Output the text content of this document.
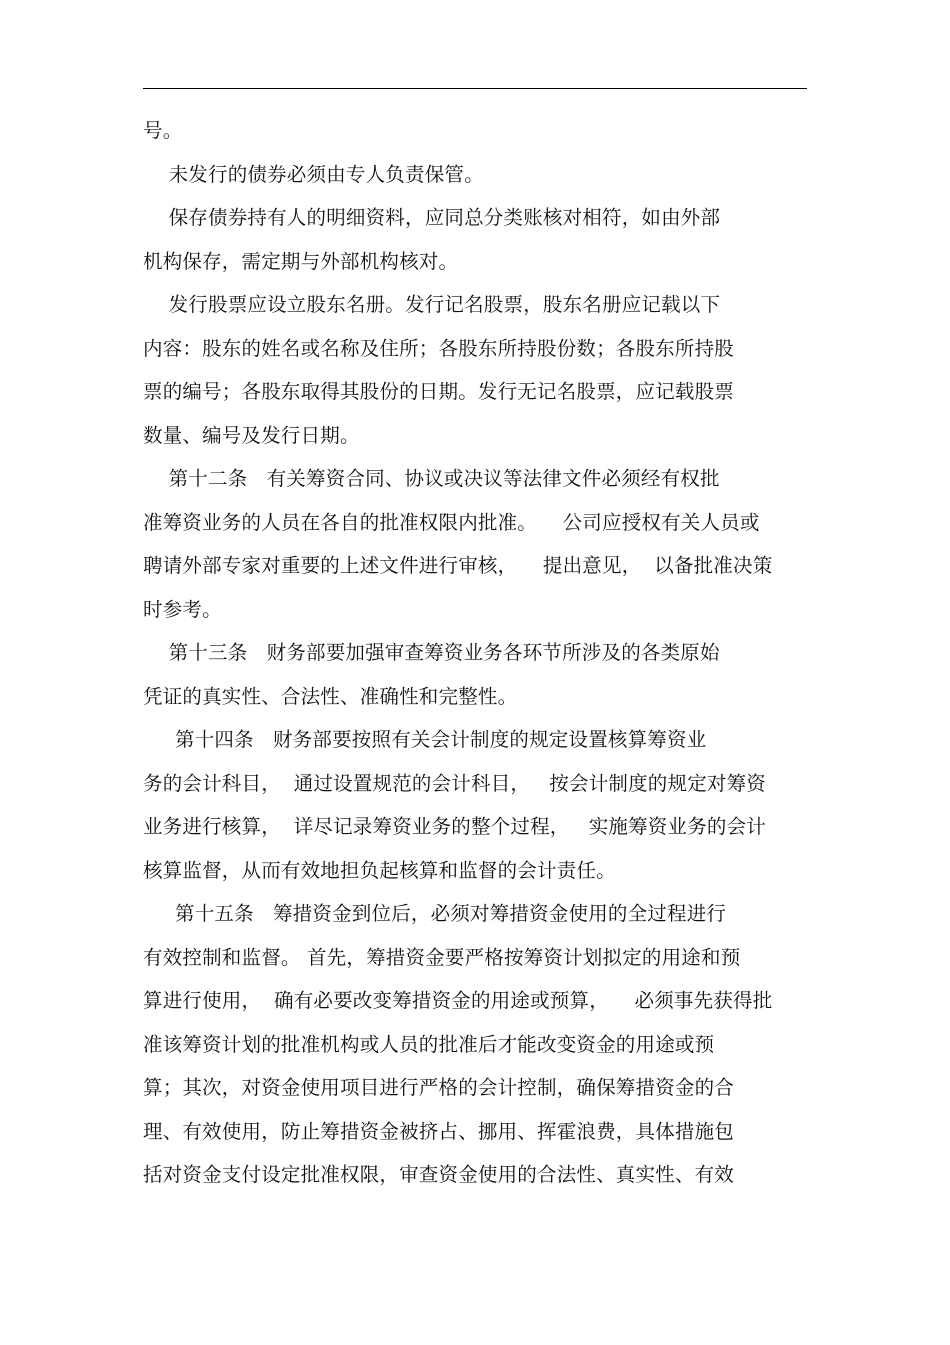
号。
未发行的债券必须由专人负责保管。
保存债券持有人的明细资料，应同总分类账核对相符，如由外部
机构保存，需定期与外部机构核对。
发行股票应设立股东名册。发行记名股票，股东名册应记载以下
内容：股东的姓名或名称及住所；各股东所持股份数；各股东所持股
票的编号；各股东取得其股份的日期。发行无记名股票，应记载股票
数量、编号及发行日期。
第十二条   有关筹资合同、协议或决议等法律文件必须经有权批
准筹资业务的人员在各自的批准权限内批准。    公司应授权有关人员或
聘请外部专家对重要的上述文件进行审核，    提出意见，  以备批准决策
时参考。
第十三条   财务部要加强审查筹资业务各环节所涉及的各类原始
凭证的真实性、合法性、准确性和完整性。
第十四条   财务部要按照有关会计制度的规定设置核算筹资业
务的会计科目，  通过设置规范的会计科目，   按会计制度的规定对筹资
业务进行核算，  详尽记录筹资业务的整个过程，   实施筹资业务的会计
核算监督，从而有效地担负起核算和监督的会计责任。
第十五条   筹措资金到位后，必须对筹措资金使用的全过程进行
有效控制和监督。 首先，筹措资金要严格按筹资计划拟定的用途和预
算进行使用，  确有必要改变筹措资金的用途或预算，    必须事先获得批
准该筹资计划的批准机构或人员的批准后才能改变资金的用途或预
算；其次，对资金使用项目进行严格的会计控制，确保筹措资金的合
理、有效使用，防止筹措资金被挤占、挪用、挥霍浪费，具体措施包
括对资金支付设定批准权限，审查资金使用的合法性、真实性、有效
